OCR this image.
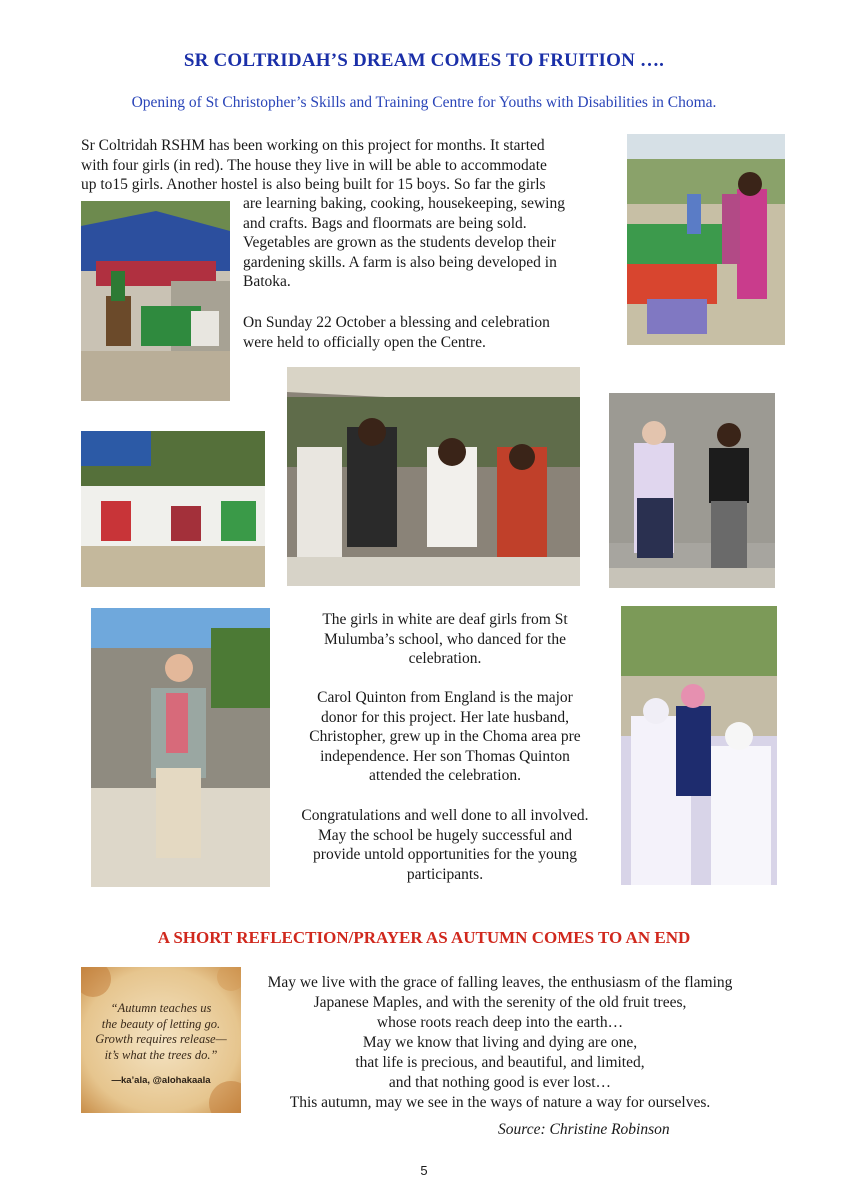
SR COLTRIDAH’S DREAM COMES TO FRUITION ….
Opening of St Christopher’s Skills and Training Centre for Youths with Disabilities in Choma.
Sr Coltridah RSHM has been working on this project for months. It started
with four girls (in red). The house they live in will be able to accommodate
up to15 girls. Another hostel is also being built for 15 boys. So far the girls
are learning baking, cooking, housekeeping, sewing
and crafts. Bags and floormats are being sold.
Vegetables are grown as the students develop their
gardening skills. A farm is also being developed in
Batoka.
On Sunday 22 October a blessing and celebration
were held to officially open the Centre.
The girls in white are deaf girls from St
Mulumba’s school, who danced for the
celebration.
Carol Quinton from England is the major
donor for this project. Her late husband,
Christopher, grew up in the Choma area pre
independence. Her son Thomas Quinton
attended the celebration.
Congratulations and well done to all involved.
May the school be hugely successful and
provide untold opportunities for the young
participants.
A SHORT REFLECTION/PRAYER AS AUTUMN COMES TO AN END
“Autumn teaches us
the beauty of letting go.
Growth requires release—
it’s what the trees do.”
—ka’ala, @alohakaala
May we live with the grace of falling leaves, the enthusiasm of the flaming
Japanese Maples, and with the serenity of the old fruit trees,
whose roots reach deep into the earth…
May we know that living and dying are one,
that life is precious, and beautiful, and limited,
and that nothing good is ever lost…
This autumn, may we see in the ways of nature a way for ourselves.
Source: Christine Robinson
5
